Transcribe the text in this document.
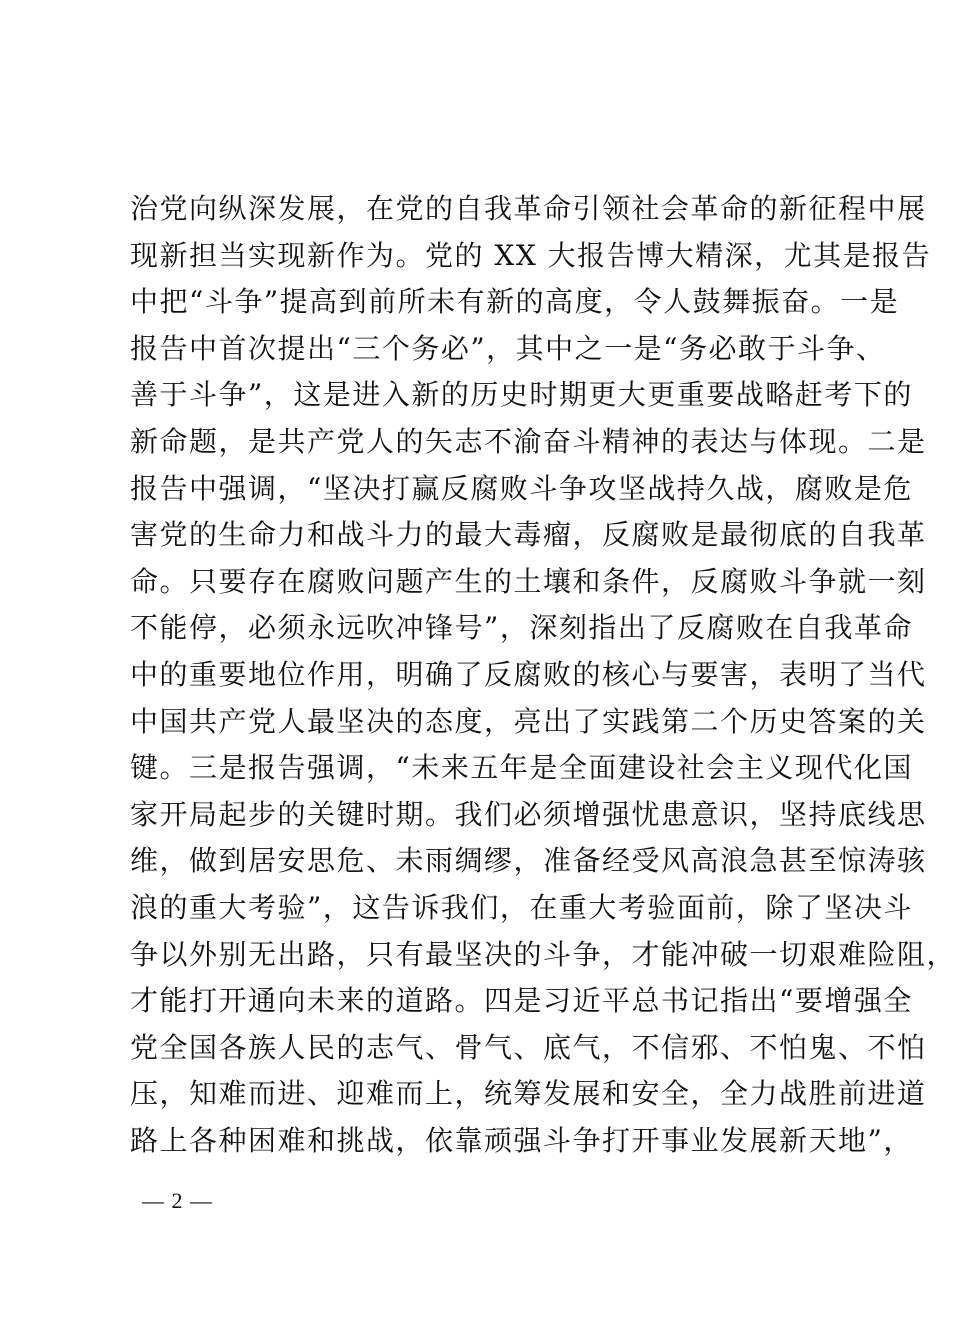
治党向纵深发展，在党的自我革命引领社会革命的新征程中展
现新担当实现新作为。党的 XX 大报告博大精深，尤其是报告
中把“斗争”提高到前所未有新的高度，令人鼓舞振奋。一是
报告中首次提出“三个务必”，其中之一是“务必敢于斗争、
善于斗争”，这是进入新的历史时期更大更重要战略赶考下的
新命题，是共产党人的矢志不渝奋斗精神的表达与体现。二是
报告中强调，“坚决打赢反腐败斗争攻坚战持久战，腐败是危
害党的生命力和战斗力的最大毒瘤，反腐败是最彻底的自我革
命。只要存在腐败问题产生的土壤和条件，反腐败斗争就一刻
不能停，必须永远吹冲锋号”，深刻指出了反腐败在自我革命
中的重要地位作用，明确了反腐败的核心与要害，表明了当代
中国共产党人最坚决的态度，亮出了实践第二个历史答案的关
键。三是报告强调，“未来五年是全面建设社会主义现代化国
家开局起步的关键时期。我们必须增强忧患意识，坚持底线思
维，做到居安思危、未雨绸缪，准备经受风高浪急甚至惊涛骇
浪的重大考验”，这告诉我们，在重大考验面前，除了坚决斗
争以外别无出路，只有最坚决的斗争，才能冲破一切艰难险阻，
才能打开通向未来的道路。四是习近平总书记指出“要增强全
党全国各族人民的志气、骨气、底气，不信邪、不怕鬼、不怕
压，知难而进、迎难而上，统筹发展和安全，全力战胜前进道
路上各种困难和挑战，依靠顽强斗争打开事业发展新天地”，
— 2 —
